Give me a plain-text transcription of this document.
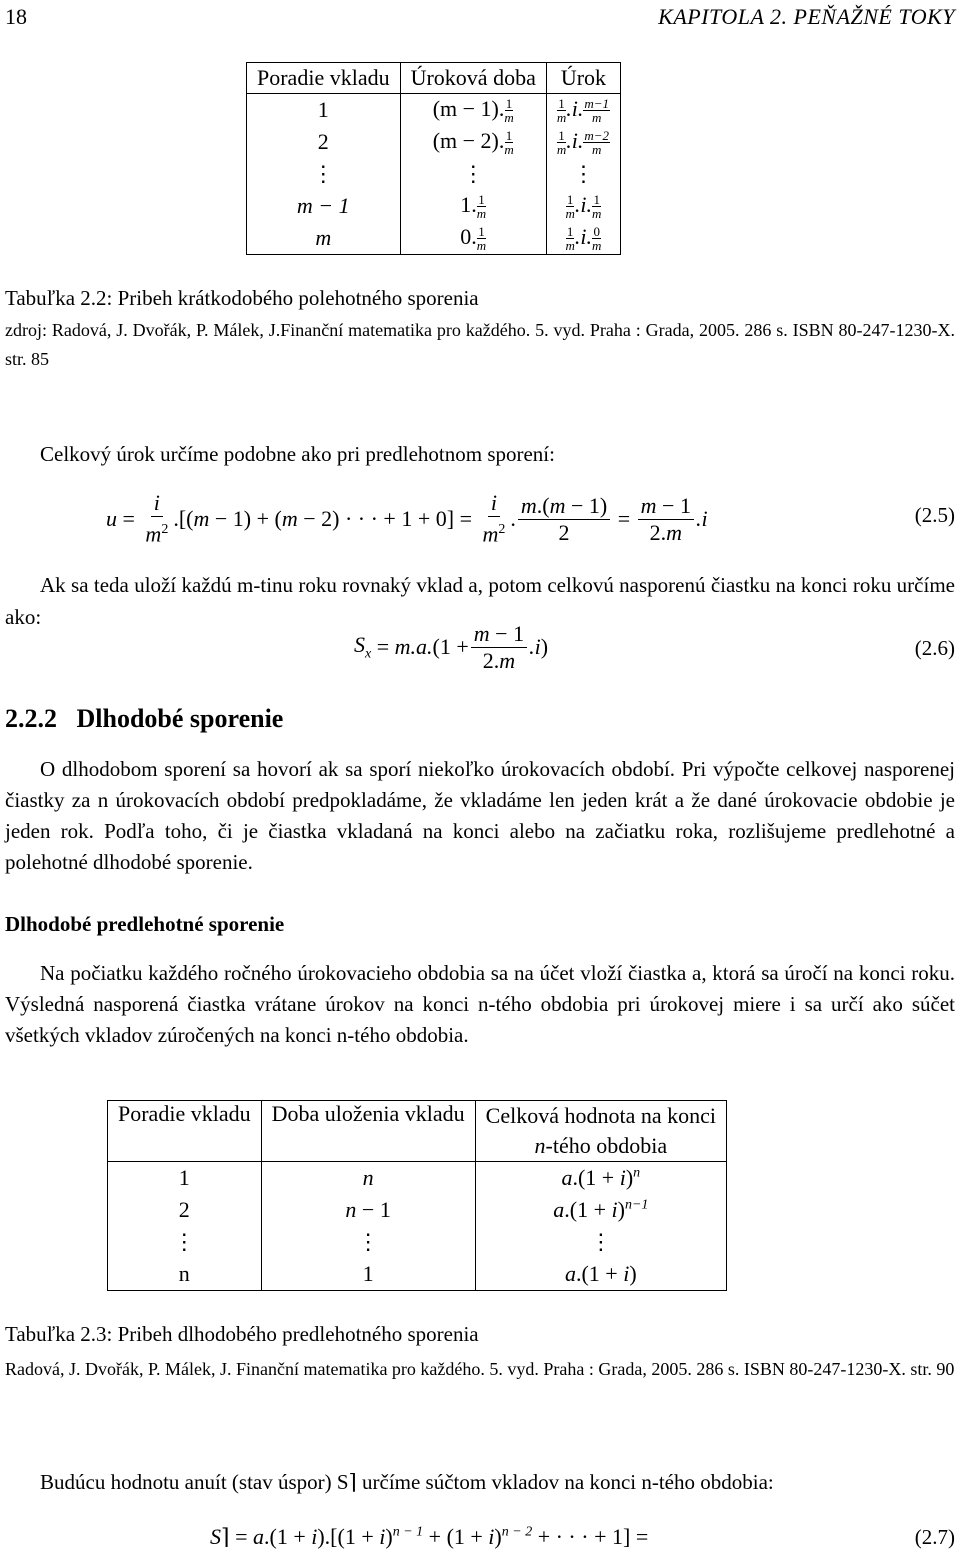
18	KAPITOLA 2. PEŇAŽNÉ TOKY
Poradie vkladu	Úroková doba	Úrok
1	(m − 1). $\frac{1}{m}$	$\frac{1}{m} .i$. $\frac{m-1}{m}$

2	(m − 2). $\frac{1}{m}$	$\frac{1}{m} .i$. $\frac{m-2}{m}$

⋮	⋮	⋮
m − 1	1. $\frac{1}{m}$	$\frac{1}{m} .i$. $\frac{1}{m}$

m	0. $\frac{1}{m}$	$\frac{1}{m} .i$. $\frac{0}{m}$
Tabuľka 2.2: Pribeh krátkodobého polehotného sporenia
zdroj: Radová, J. Dvořák, P. Málek, J.Finanční matematika pro každého. 5. vyd. Praha : Grada, 2005. 286 s. ISBN 80-247-1230-X. str. 85
Celkový úrok určíme podobne ako pri predlehotnom sporení:
$u = \frac{i}{m^2} .[(m - 1) + (m - 2)$ · · · + $1 + 0] = \frac{i}{m^2}$ . $\frac{m.(m - 1)}{2} = \frac{m - 1}{2.m} .i$	(2.5)
Ak sa teda uloží každú m-tinu roku rovnaký vklad a, potom celkovú nasporenú čiastku na konci roku určíme ako:
$S_x = m.a$. ($1 + \frac{m - 1}{2.m} .i$ )	(2.6)
2.2.2 Dlhodobé sporenie
O dlhodobom sporení sa hovorí ak sa sporí niekoľko úrokovacích období. Pri výpočte celkovej nasporenej čiastky za n úrokovacích období predpokladáme, že vkladáme len jeden krát a že dané úrokovacie obdobie je jeden rok. Podľa toho, či je čiastka vkladaná na konci alebo na začiatku roka, rozlišujeme predlehotné a polehotné dlhodobé sporenie.
Dlhodobé predlehotné sporenie
Na počiatku každého ročného úrokovacieho obdobia sa na účet vloží čiastka a, ktorá sa úročí na konci roku. Výsledná nasporená čiastka vrátane úrokov na konci n-tého obdobia pri úrokovej miere i sa určí ako súčet všetkých vkladov zúročených na konci n-tého obdobia.
Poradie vkladu	Doba uloženia vkladu	Celková hodnota na konci
n-tého obdobia
1	n	$a.(1 + i)^n$
2	n − 1	$a.(1 + i)^{n-1}$
⋮	⋮	⋮
n	1	a.(1 + i)
Tabuľka 2.3: Pribeh dlhodobého predlehotného sporenia
Radová, J. Dvořák, P. Málek, J. Finanční matematika pro každého. 5. vyd. Praha : Grada, 2005. 286 s. ISBN 80-247-1230-X. str. 90
Budúcu hodnotu anuít (stav úspor) S⌉ určíme súčtom vkladov na konci n-tého obdobia:
S⌉ = $a.(1 + i).[(1 + i)^{n - 1} + (1 + i)^{n - 2}$ + · · · + 1] =	(2.7)
